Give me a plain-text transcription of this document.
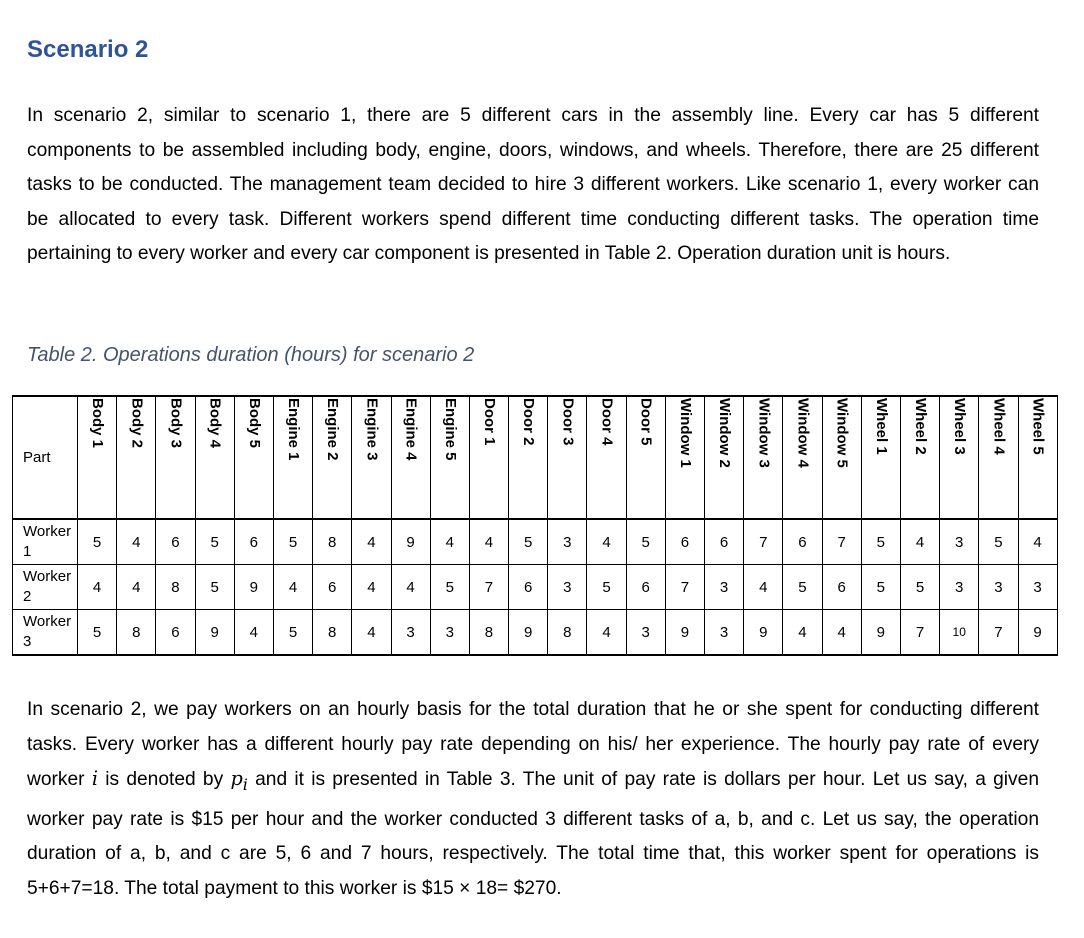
Scenario 2

In scenario 2, similar to scenario 1, there are 5 different cars in the assembly line. Every car has 5 different components to be assembled including body, engine, doors, windows, and wheels. Therefore, there are 25 different tasks to be conducted. The management team decided to hire 3 different workers. Like scenario 1, every worker can be allocated to every task. Different workers spend different time conducting different tasks. The operation time pertaining to every worker and every car component is presented in Table 2. Operation duration unit is hours.

Table 2. Operations duration (hours) for scenario 2

Part	Body 1	Body 2	Body 3	Body 4	Body 5	Engine 1	Engine 2	Engine 3	Engine 4	Engine 5	Door 1	Door 2	Door 3	Door 4	Door 5	Window 1	Window 2	Window 3	Window 4	Window 5	Wheel 1	Wheel 2	Wheel 3	Wheel 4	Wheel 5
Worker 1	5	4	6	5	6	5	8	4	9	4	4	5	3	4	5	6	6	7	6	7	5	4	3	5	4
Worker 2	4	4	8	5	9	4	6	4	4	5	7	6	3	5	6	7	3	4	5	6	5	5	3	3	3
Worker 3	5	8	6	9	4	5	8	4	3	3	8	9	8	4	3	9	3	9	4	4	9	7	10	7	9

In scenario 2, we pay workers on an hourly basis for the total duration that he or she spent for conducting different tasks. Every worker has a different hourly pay rate depending on his/ her experience. The hourly pay rate of every worker i is denoted by $p_i$ and it is presented in Table 3. The unit of pay rate is dollars per hour. Let us say, a given worker pay rate is $15 per hour and the worker conducted 3 different tasks of a, b, and c. Let us say, the operation duration of a, b, and c are 5, 6 and 7 hours, respectively. The total time that, this worker spent for operations is 5+6+7=18. The total payment to this worker is $15 × 18= $270.
